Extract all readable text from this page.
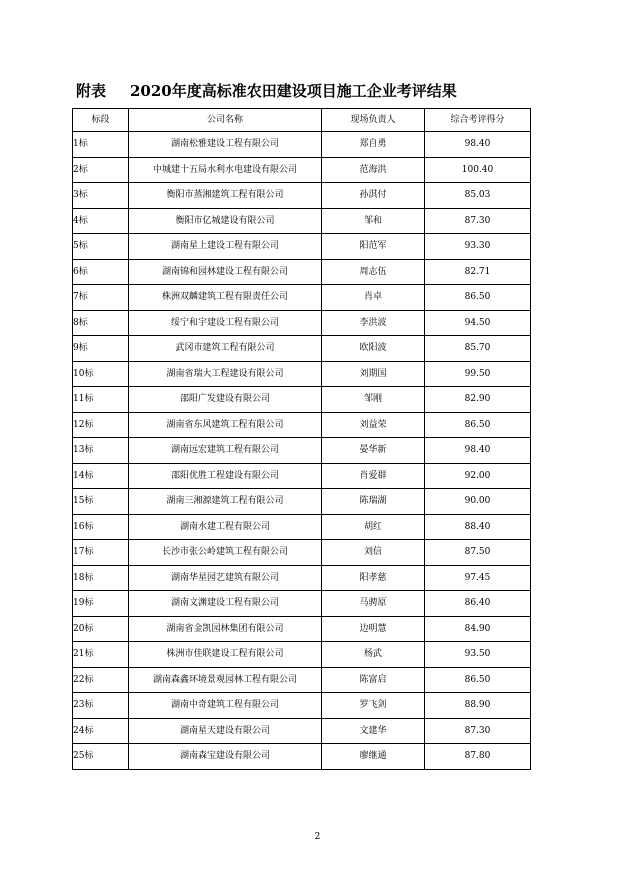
附表 2020年度高标准农田建设项目施工企业考评结果
标段	公司名称	现场负责人	综合考评得分
1标	湖南松雅建设工程有限公司	郑自勇	98.40
2标	中城建十五局水利水电建设有限公司	范海洪	100.40
3标	衡阳市蒸湘建筑工程有限公司	孙淇付	85.03
4标	衡阳市亿城建设有限公司	邹和	87.30
5标	湖南星上建设工程有限公司	阳范军	93.30
6标	湖南锦和园林建设工程有限公司	周志伍	82.71
7标	株洲双麟建筑工程有限责任公司	肖卓	86.50
8标	绥宁和宇建设工程有限公司	李洪波	94.50
9标	武冈市建筑工程有限公司	欧阳波	85.70
10标	湖南省瑞大工程建设有限公司	刘期国	99.50
11标	邵阳广发建设有限公司	邹刚	82.90
12标	湖南省东风建筑工程有限公司	刘益荣	86.50
13标	湖南远宏建筑工程有限公司	晏华新	98.40
14标	邵阳优胜工程建设有限公司	肖爱群	92.00
15标	湖南三湘源建筑工程有限公司	陈瑞湖	90.00
16标	湖南水建工程有限公司	胡红	88.40
17标	长沙市张公岭建筑工程有限公司	刘信	87.50
18标	湖南华星园艺建筑有限公司	阳孝慈	97.45
19标	湖南文渊建设工程有限公司	马骋原	86.40
20标	湖南省金凯园林集团有限公司	边明慧	84.90
21标	株洲市佳联建设工程有限公司	杨武	93.50
22标	湖南森鑫环境景观园林工程有限公司	陈富启	86.50
23标	湖南中奇建筑工程有限公司	罗飞剑	88.90
24标	湖南星天建设有限公司	文建华	87.30
25标	湖南森宝建设有限公司	廖继通	87.80
2
